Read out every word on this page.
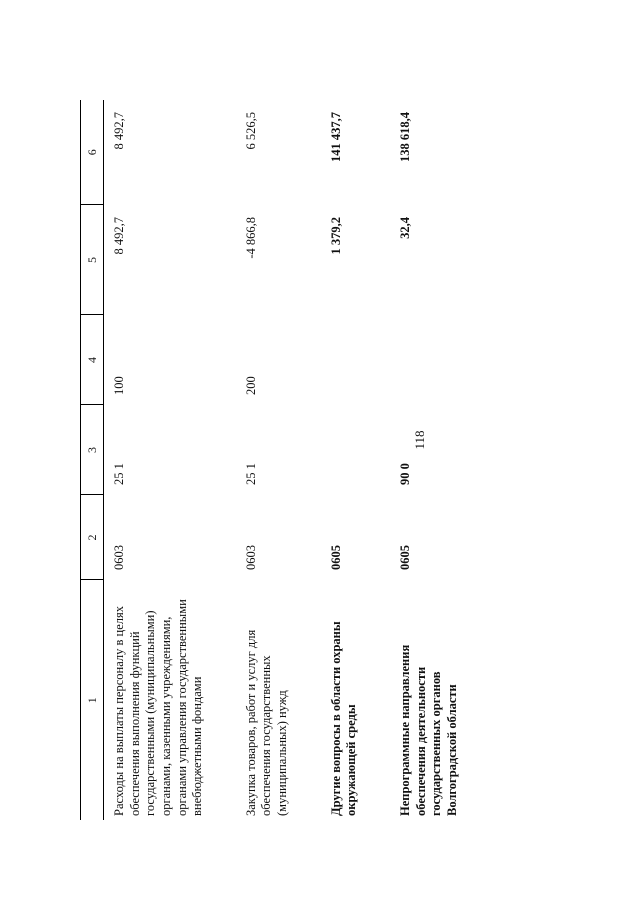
118
1	2	3	4	5	6
Расходы на выплаты персоналу в целях обеспечения выполнения функций государственными (муниципальными) органами, казенными учреждениями, органами управления государственными внебюджетными фондами	0603	25 1	100	8 492,7	8 492,7
Закупка товаров, работ и услуг для обеспечения государственных (муниципальных) нужд	0603	25 1	200	-4 866,8	6 526,5
Другие вопросы в области охраны окружающей среды	0605			1 379,2	141 437,7
Непрограммные направления обеспечения деятельности государственных органов Волгоградской области	0605	90 0		32,4	138 618,4
